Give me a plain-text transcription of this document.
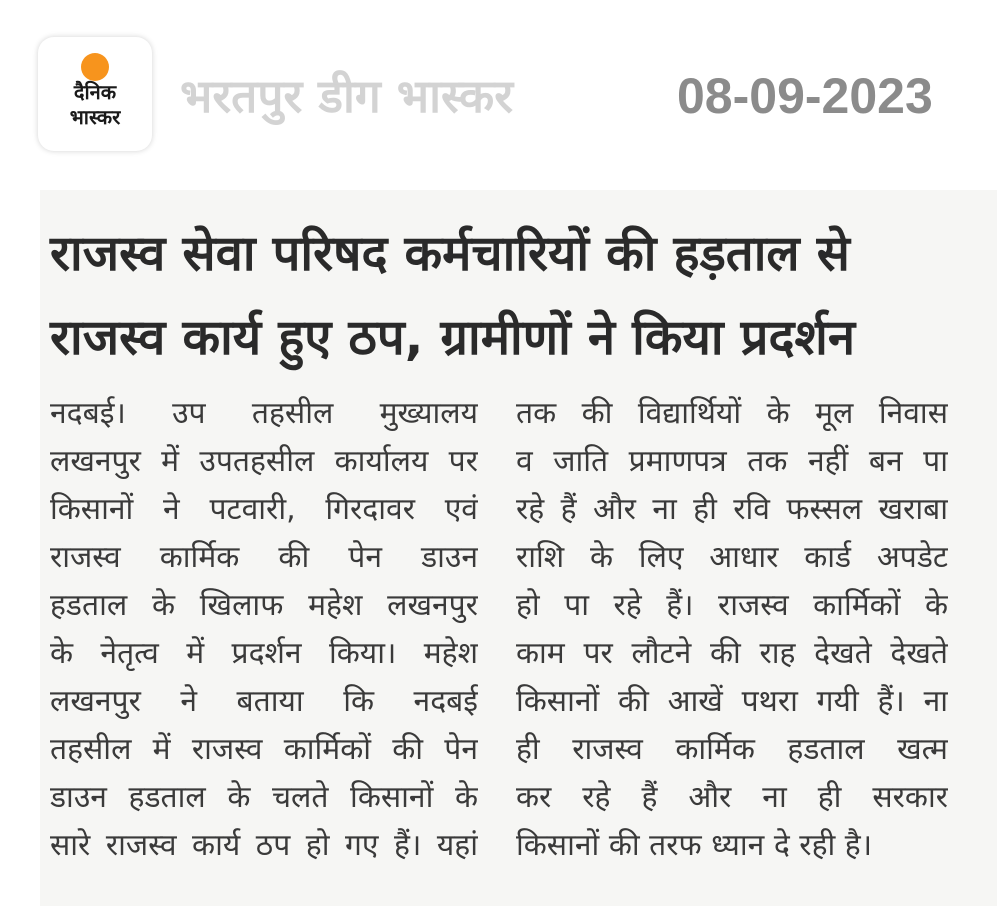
दैनिक
भास्कर	भरतपुर डीग भास्कर	08-09-2023
राजस्व सेवा परिषद कर्मचारियों की हड़ताल से
राजस्व कार्य हुए ठप, ग्रामीणों ने किया प्रदर्शन
नदबई। उप तहसील मुख्यालय
लखनपुर में उपतहसील कार्यालय पर
किसानों ने पटवारी, गिरदावर एवं
राजस्व कार्मिक की पेन डाउन
हडताल के खिलाफ महेश लखनपुर
के नेतृत्व में प्रदर्शन किया। महेश
लखनपुर ने बताया कि नदबई
तहसील में राजस्व कार्मिकों की पेन
डाउन हडताल के चलते किसानों के
सारे राजस्व कार्य ठप हो गए हैं। यहां
तक की विद्यार्थियों के मूल निवास
व जाति प्रमाणपत्र तक नहीं बन पा
रहे हैं और ना ही रवि फस्सल खराबा
राशि के लिए आधार कार्ड अपडेट
हो पा रहे हैं। राजस्व कार्मिकों के
काम पर लौटने की राह देखते देखते
किसानों की आखें पथरा गयी हैं। ना
ही राजस्व कार्मिक हडताल खत्म
कर रहे हैं और ना ही सरकार
किसानों की तरफ ध्यान दे रही है।
